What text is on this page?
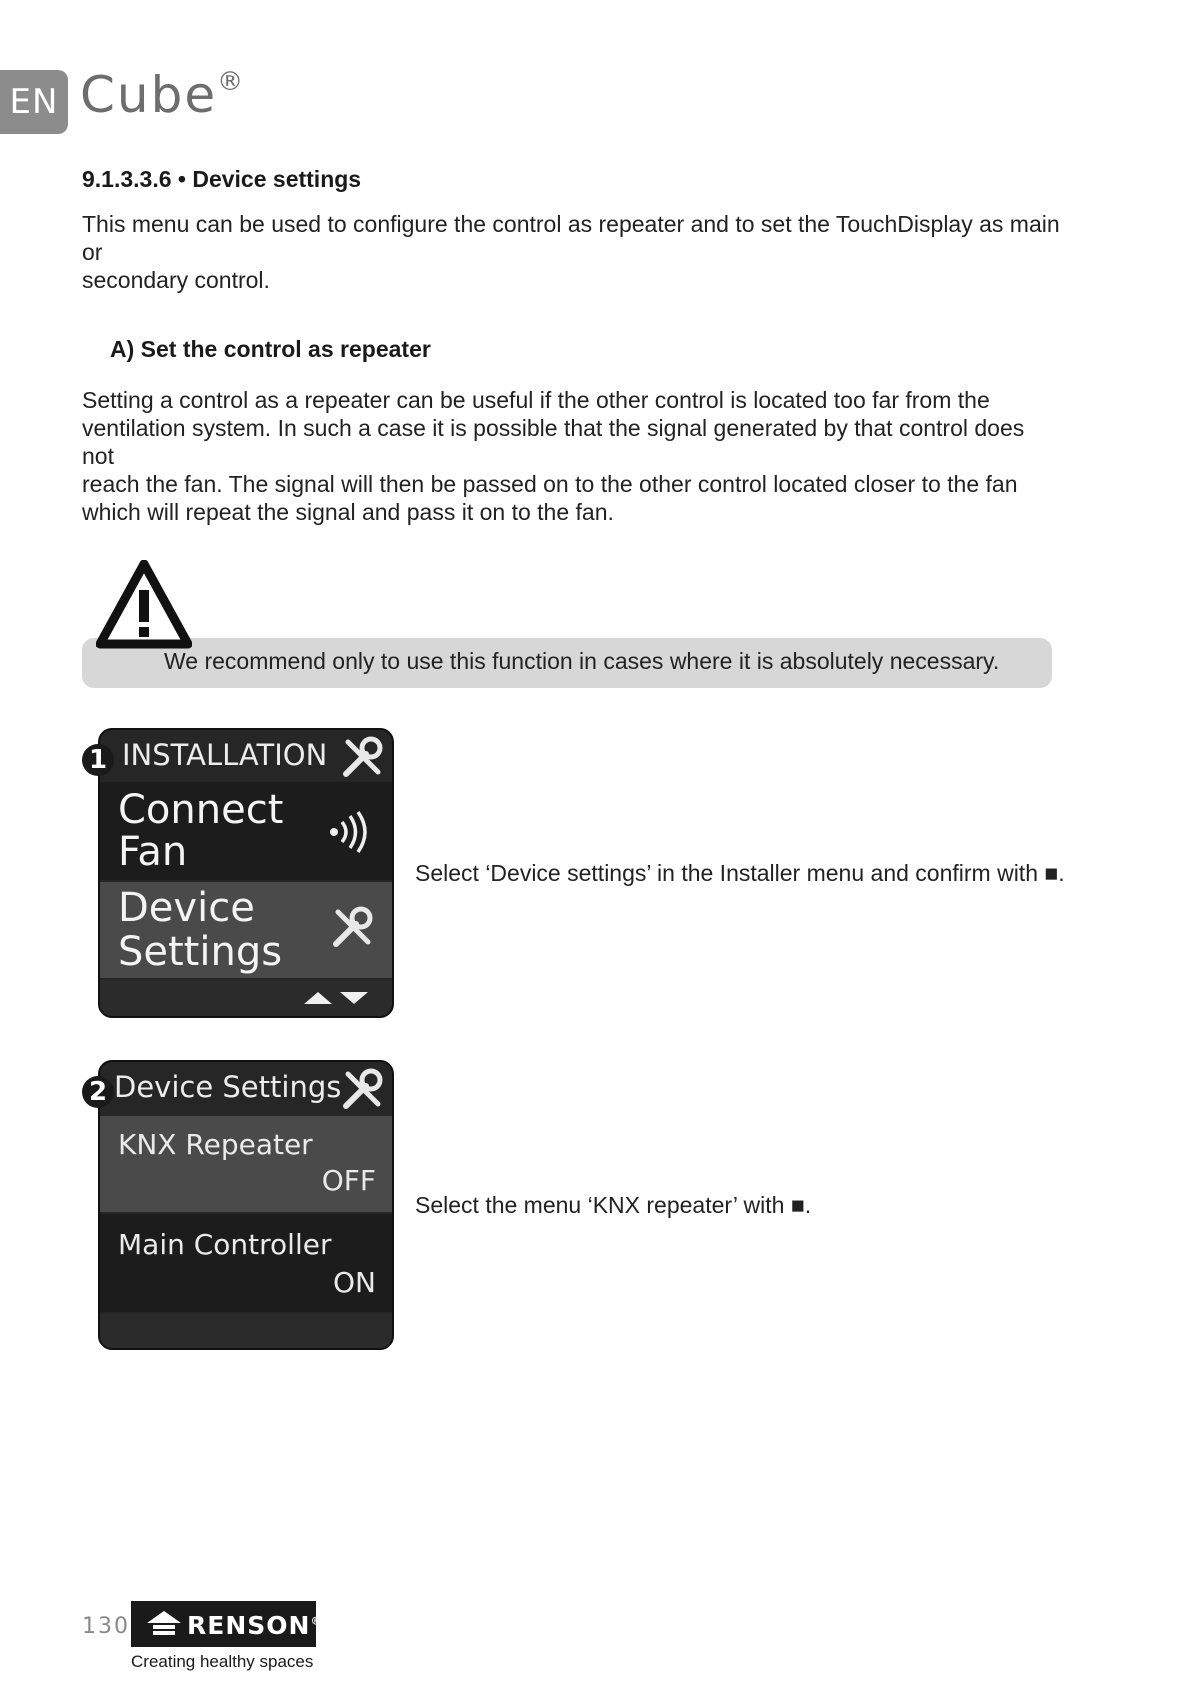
EN Cube®
9.1.3.3.6 • Device settings
This menu can be used to configure the control as repeater and to set the TouchDisplay as main or
secondary control.
A) Set the control as repeater
Setting a control as a repeater can be useful if the other control is located too far from the
ventilation system. In such a case it is possible that the signal generated by that control does not
reach the fan. The signal will then be passed on to the other control located closer to the fan
which will repeat the signal and pass it on to the fan.
We recommend only to use this function in cases where it is absolutely necessary.
INSTALLATION
Connect
Fan
Device
Settings
1
Select ‘Device settings’ in the Installer menu and confirm with ■.
Device Settings
KNX Repeater
OFF
Main Controller
ON
2
Select the menu ‘KNX repeater’ with ■.
130 RENSON®
Creating healthy spaces
